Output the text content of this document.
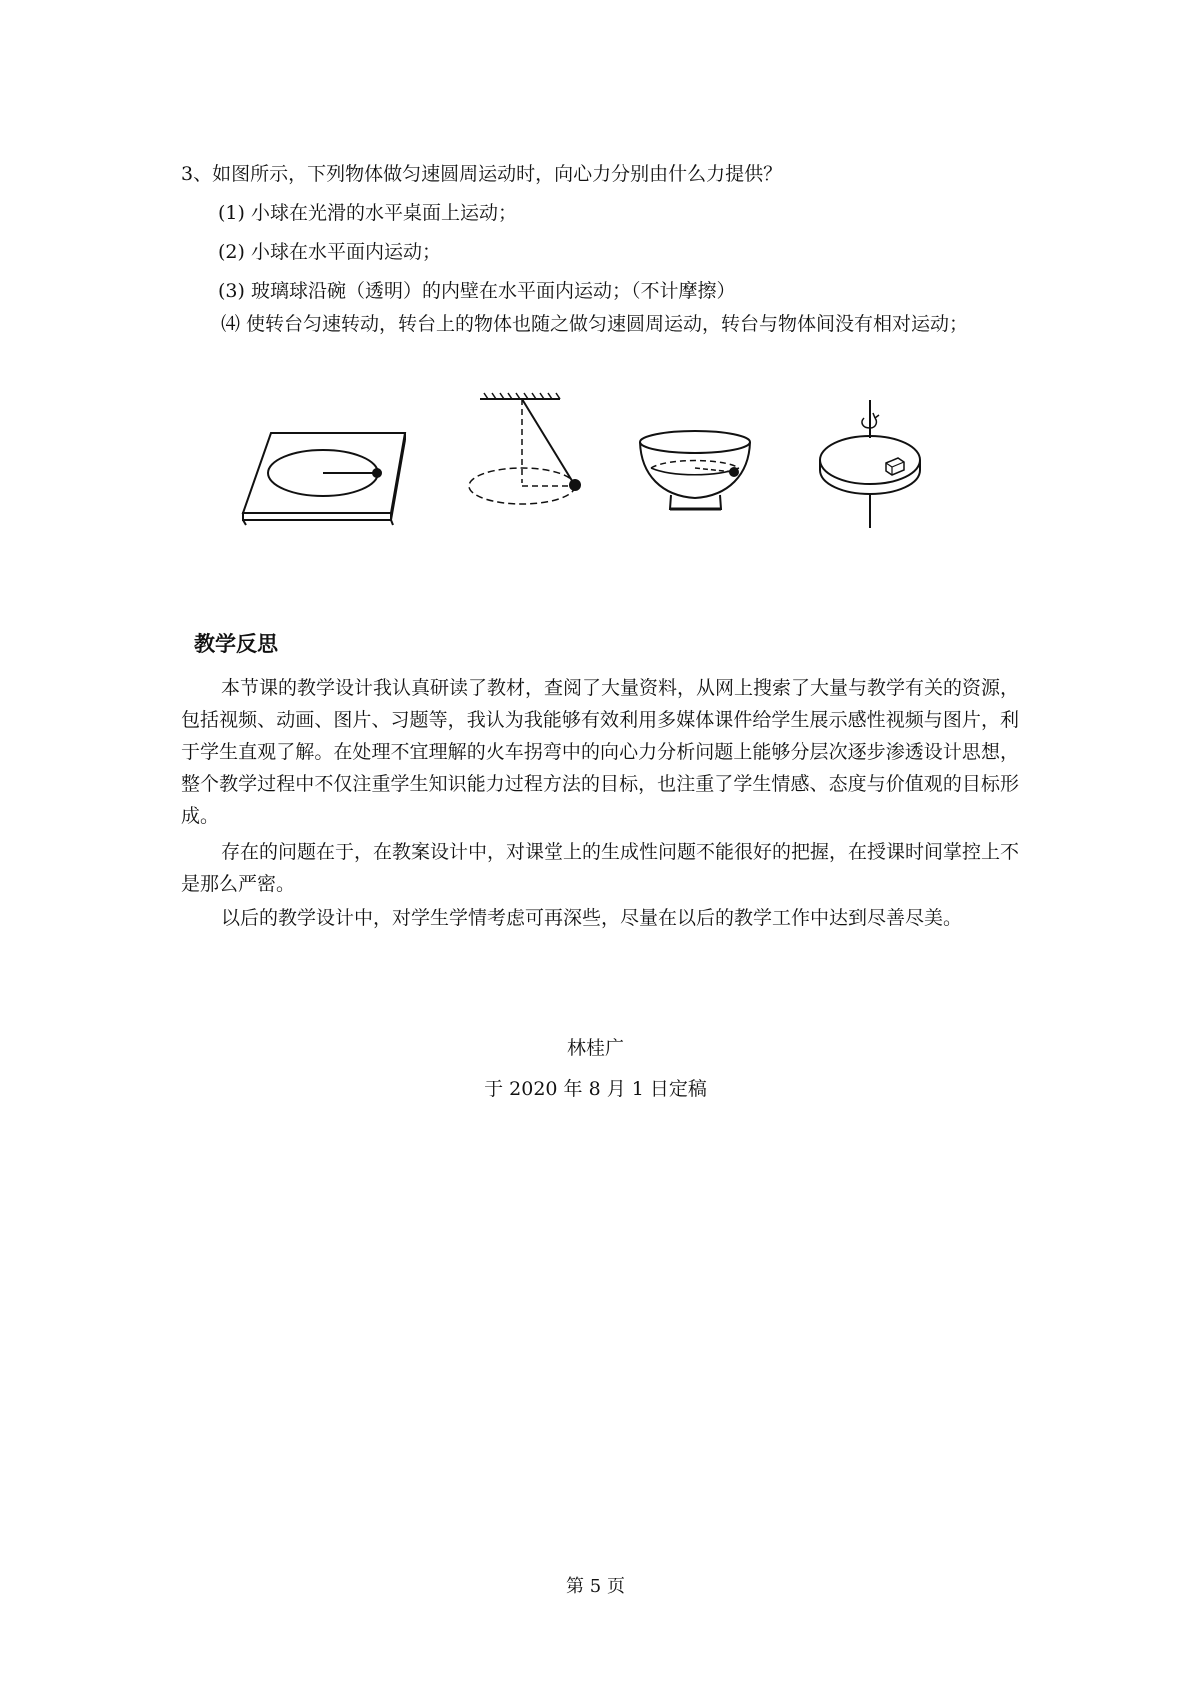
3、如图所示，下列物体做匀速圆周运动时，向心力分别由什么力提供？
(1) 小球在光滑的水平桌面上运动；
(2) 小球在水平面内运动；
(3) 玻璃球沿碗（透明）的内壁在水平面内运动；（不计摩擦）
⑷ 使转台匀速转动，转台上的物体也随之做匀速圆周运动，转台与物体间没有相对运动；
教学反思
本节课的教学设计我认真研读了教材，查阅了大量资料，从网上搜索了大量与教学有关的资源，包括视频、动画、图片、习题等，我认为我能够有效利用多媒体课件给学生展示感性视频与图片，利于学生直观了解。在处理不宜理解的火车拐弯中的向心力分析问题上能够分层次逐步渗透设计思想，整个教学过程中不仅注重学生知识能力过程方法的目标，也注重了学生情感、态度与价值观的目标形成。
存在的问题在于，在教案设计中，对课堂上的生成性问题不能很好的把握，在授课时间掌控上不是那么严密。
以后的教学设计中，对学生学情考虑可再深些，尽量在以后的教学工作中达到尽善尽美。
林桂广
于 2020 年 8 月 1 日定稿
第 5 页
